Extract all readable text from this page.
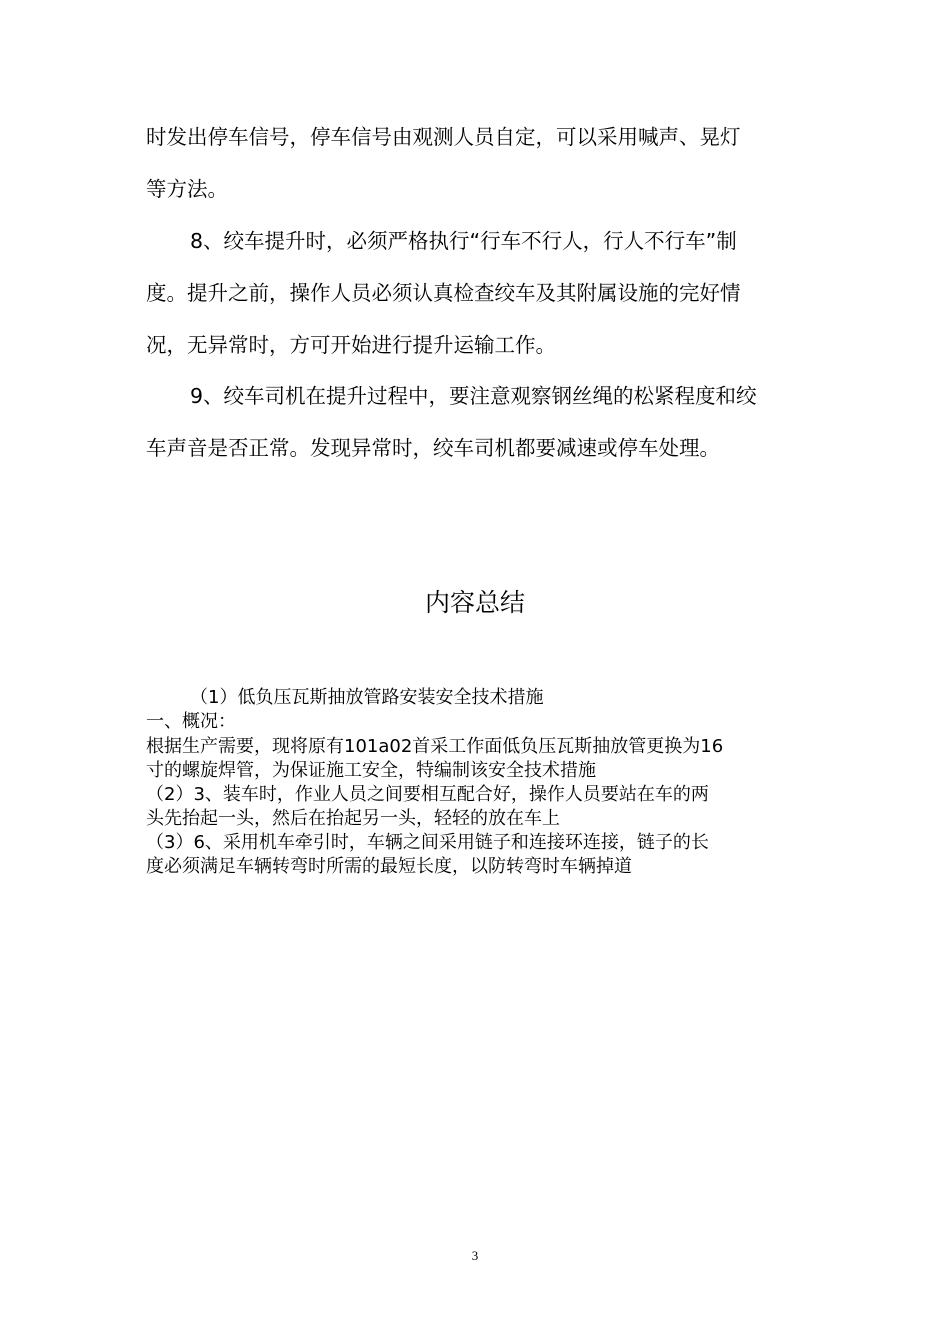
时发出停车信号，停车信号由观测人员自定，可以采用喊声、晃灯

等方法。

8、绞车提升时，必须严格执行“行车不行人，行人不行车”制

度。提升之前，操作人员必须认真检查绞车及其附属设施的完好情

况，无异常时，方可开始进行提升运输工作。

9、绞车司机在提升过程中，要注意观察钢丝绳的松紧程度和绞

车声音是否正常。发现异常时，绞车司机都要减速或停车处理。

内容总结

（1）低负压瓦斯抽放管路安装安全技术措施

一、概况：

根据生产需要，现将原有101a02首采工作面低负压瓦斯抽放管更换为16

寸的螺旋焊管，为保证施工安全，特编制该安全技术措施

（2）3、装车时，作业人员之间要相互配合好，操作人员要站在车的两

头先抬起一头，然后在抬起另一头，轻轻的放在车上

（3）6、采用机车牵引时，车辆之间采用链子和连接环连接，链子的长

度必须满足车辆转弯时所需的最短长度，以防转弯时车辆掉道

3
